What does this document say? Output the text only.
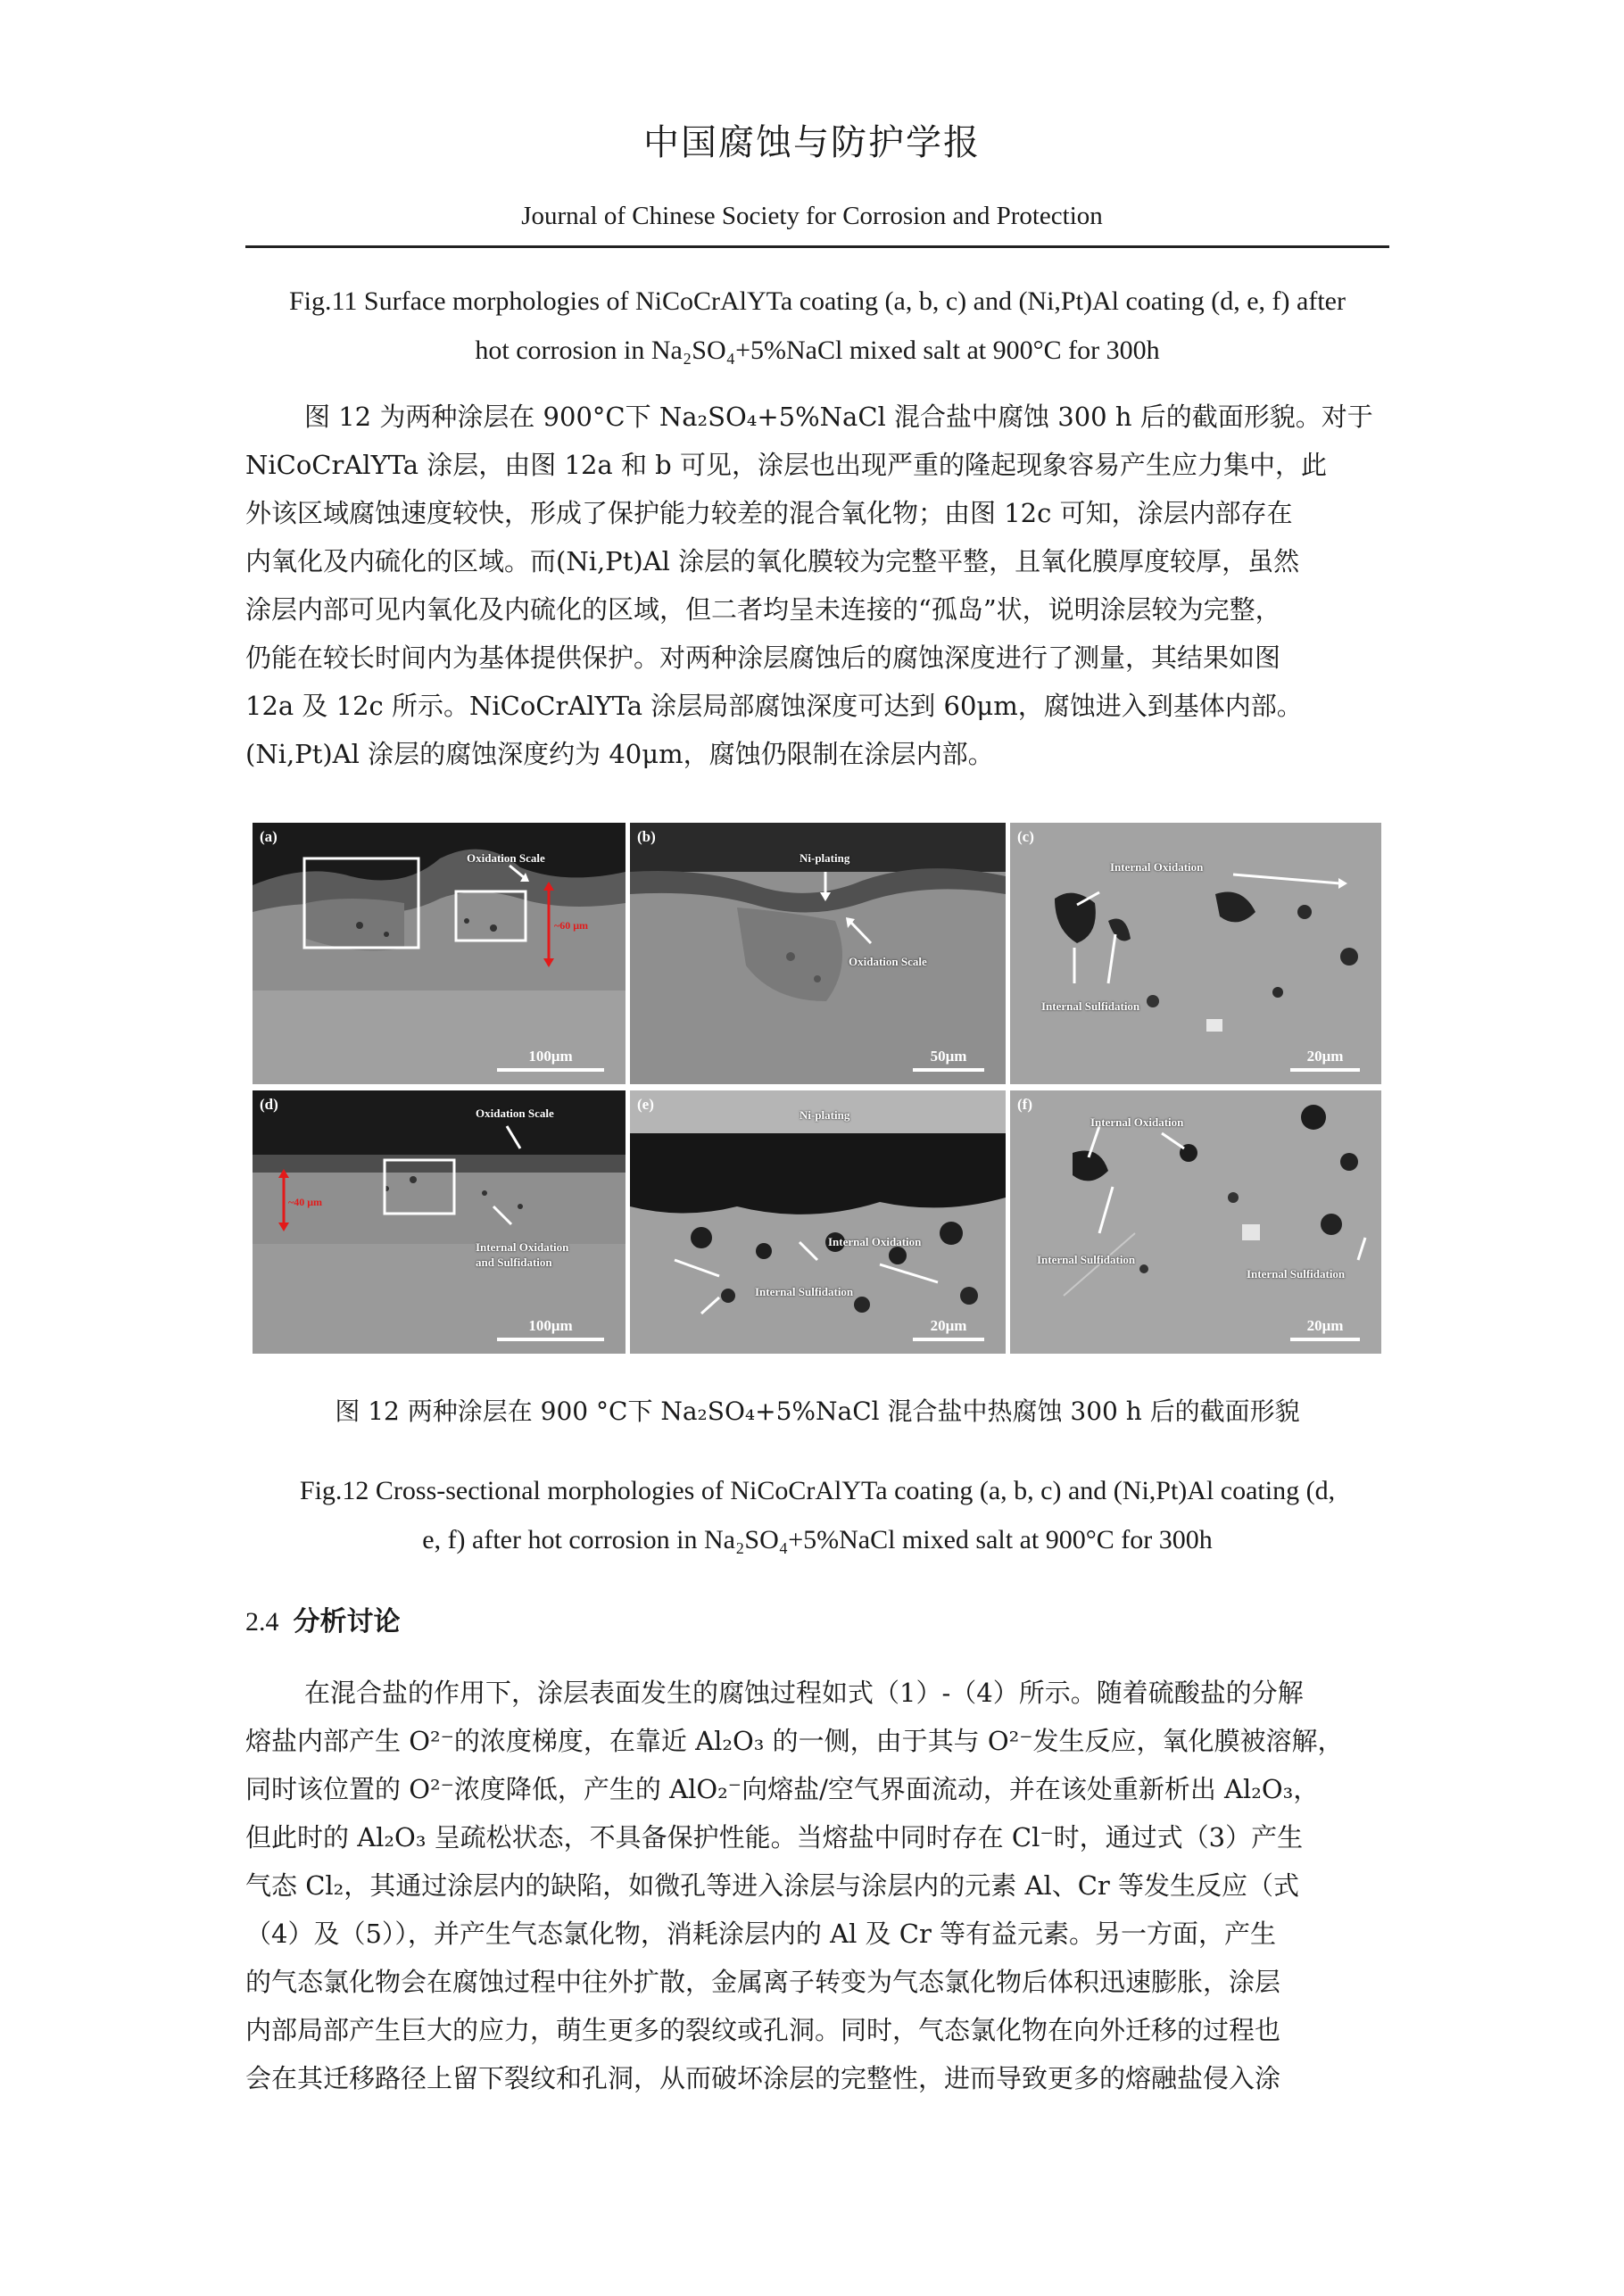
中国腐蚀与防护学报
Journal of Chinese Society for Corrosion and Protection
Fig.11 Surface morphologies of NiCoCrAlYTa coating (a, b, c) and (Ni,Pt)Al coating (d, e, f) after
hot corrosion in Na₂SO₄+5%NaCl mixed salt at 900°C for 300h
图 12 为两种涂层在 900°C下 Na₂SO₄+5%NaCl 混合盐中腐蚀 300 h 后的截面形貌。对于
NiCoCrAlYTa 涂层，由图 12a 和 b 可见，涂层也出现严重的隆起现象容易产生应力集中，此
外该区域腐蚀速度较快，形成了保护能力较差的混合氧化物；由图 12c 可知，涂层内部存在
内氧化及内硫化的区域。而(Ni,Pt)Al 涂层的氧化膜较为完整平整，且氧化膜厚度较厚，虽然
涂层内部可见内氧化及内硫化的区域，但二者均呈未连接的“孤岛”状，说明涂层较为完整，
仍能在较长时间内为基体提供保护。对两种涂层腐蚀后的腐蚀深度进行了测量，其结果如图
12a 及 12c 所示。NiCoCrAlYTa 涂层局部腐蚀深度可达到 60μm，腐蚀进入到基体内部。
(Ni,Pt)Al 涂层的腐蚀深度约为 40μm，腐蚀仍限制在涂层内部。
(a)
Oxidation Scale
~60 μm
100μm
(b)
Ni-plating
Oxidation Scale
50μm
(c)
Internal Oxidation
Internal Sulfidation
20μm
(d)
Oxidation Scale
Internal Oxidation
and Sulfidation
~40 μm
100μm
(e)
Ni-plating
Internal Oxidation
Internal Sulfidation
20μm
(f)
Internal Oxidation
Internal Sulfidation
Internal Sulfidation
20μm
图 12 两种涂层在 900 °C下 Na₂SO₄+5%NaCl 混合盐中热腐蚀 300 h 后的截面形貌
Fig.12 Cross-sectional morphologies of NiCoCrAlYTa coating (a, b, c) and (Ni,Pt)Al coating (d,
e, f) after hot corrosion in Na₂SO₄+5%NaCl mixed salt at 900°C for 300h
2.4 分析讨论
在混合盐的作用下，涂层表面发生的腐蚀过程如式（1）-（4）所示。随着硫酸盐的分解
熔盐内部产生 O²⁻的浓度梯度，在靠近 Al₂O₃ 的一侧，由于其与 O²⁻发生反应，氧化膜被溶解，
同时该位置的 O²⁻浓度降低，产生的 AlO₂⁻向熔盐/空气界面流动，并在该处重新析出 Al₂O₃，
但此时的 Al₂O₃ 呈疏松状态，不具备保护性能。当熔盐中同时存在 Cl⁻时，通过式（3）产生
气态 Cl₂，其通过涂层内的缺陷，如微孔等进入涂层与涂层内的元素 Al、Cr 等发生反应（式
（4）及（5）），并产生气态氯化物，消耗涂层内的 Al 及 Cr 等有益元素。另一方面，产生
的气态氯化物会在腐蚀过程中往外扩散，金属离子转变为气态氯化物后体积迅速膨胀，涂层
内部局部产生巨大的应力，萌生更多的裂纹或孔洞。同时，气态氯化物在向外迁移的过程也
会在其迁移路径上留下裂纹和孔洞，从而破坏涂层的完整性，进而导致更多的熔融盐侵入涂
